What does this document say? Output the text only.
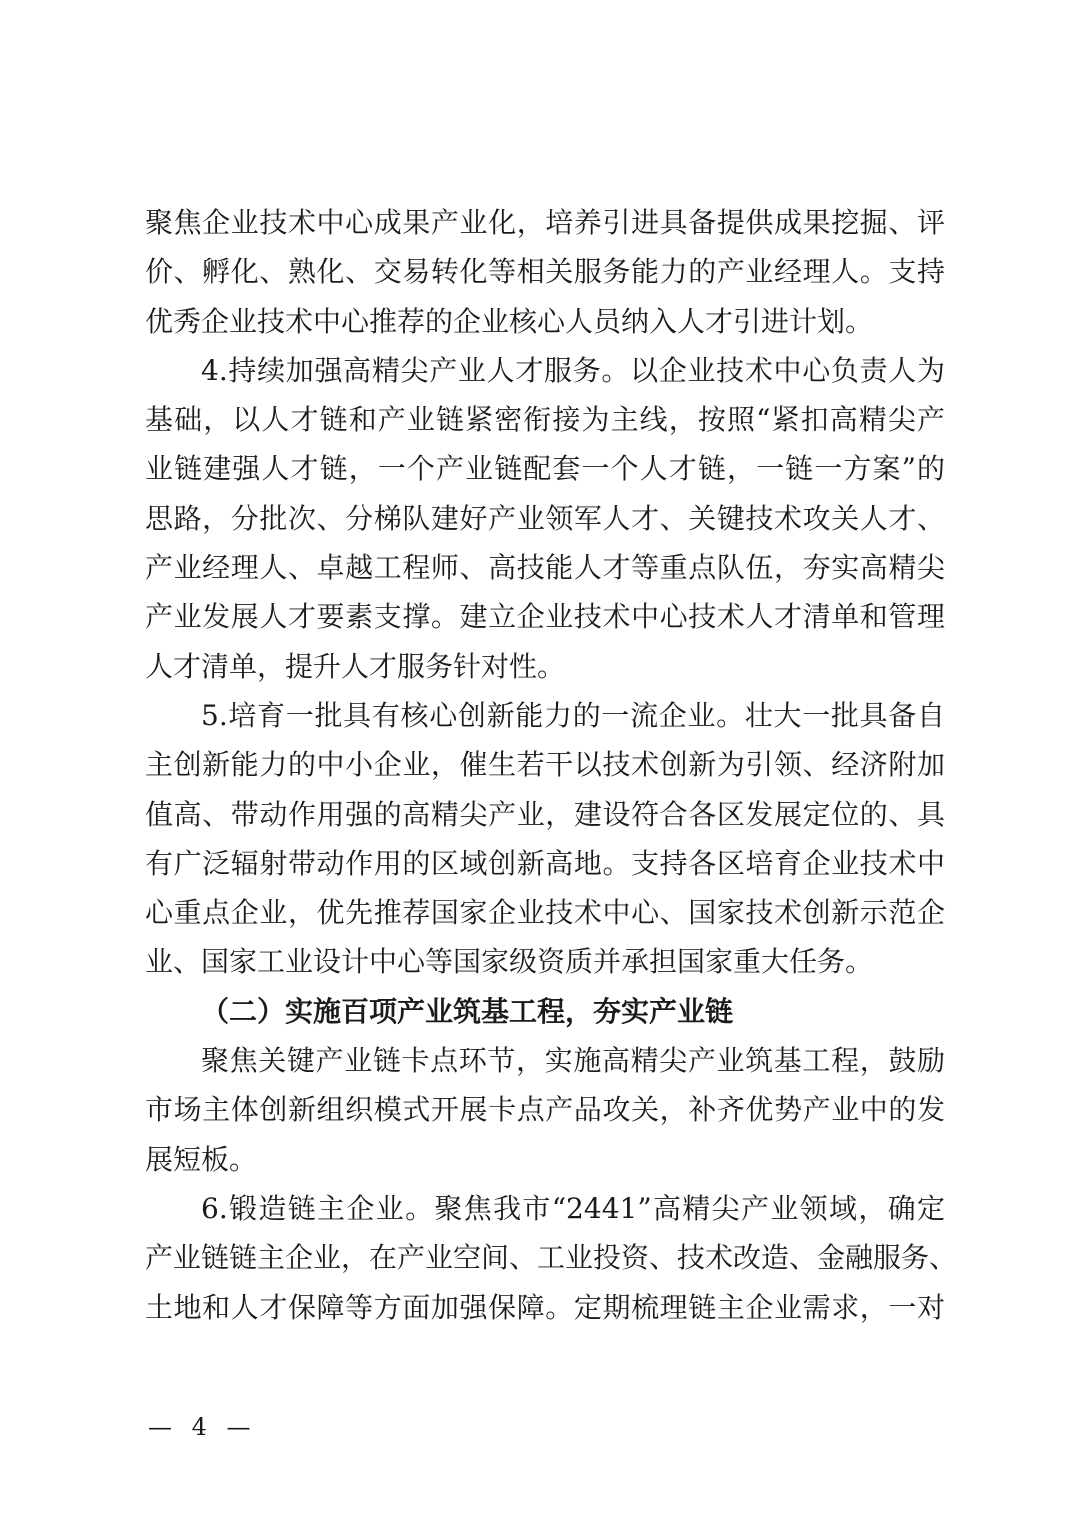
聚焦企业技术中心成果产业化，培养引进具备提供成果挖掘、评
价、孵化、熟化、交易转化等相关服务能力的产业经理人。支持
优秀企业技术中心推荐的企业核心人员纳入人才引进计划。
4.持续加强高精尖产业人才服务。以企业技术中心负责人为
基础，以人才链和产业链紧密衔接为主线，按照“紧扣高精尖产
业链建强人才链，一个产业链配套一个人才链，一链一方案”的
思路，分批次、分梯队建好产业领军人才、关键技术攻关人才、
产业经理人、卓越工程师、高技能人才等重点队伍，夯实高精尖
产业发展人才要素支撑。建立企业技术中心技术人才清单和管理
人才清单，提升人才服务针对性。
5.培育一批具有核心创新能力的一流企业。壮大一批具备自
主创新能力的中小企业，催生若干以技术创新为引领、经济附加
值高、带动作用强的高精尖产业，建设符合各区发展定位的、具
有广泛辐射带动作用的区域创新高地。支持各区培育企业技术中
心重点企业，优先推荐国家企业技术中心、国家技术创新示范企
业、国家工业设计中心等国家级资质并承担国家重大任务。
（二）实施百项产业筑基工程，夯实产业链
聚焦关键产业链卡点环节，实施高精尖产业筑基工程，鼓励
市场主体创新组织模式开展卡点产品攻关，补齐优势产业中的发
展短板。
6.锻造链主企业。聚焦我市“2441”高精尖产业领域，确定
产业链链主企业，在产业空间、工业投资、技术改造、金融服务、
土地和人才保障等方面加强保障。定期梳理链主企业需求，一对
— 4 —
